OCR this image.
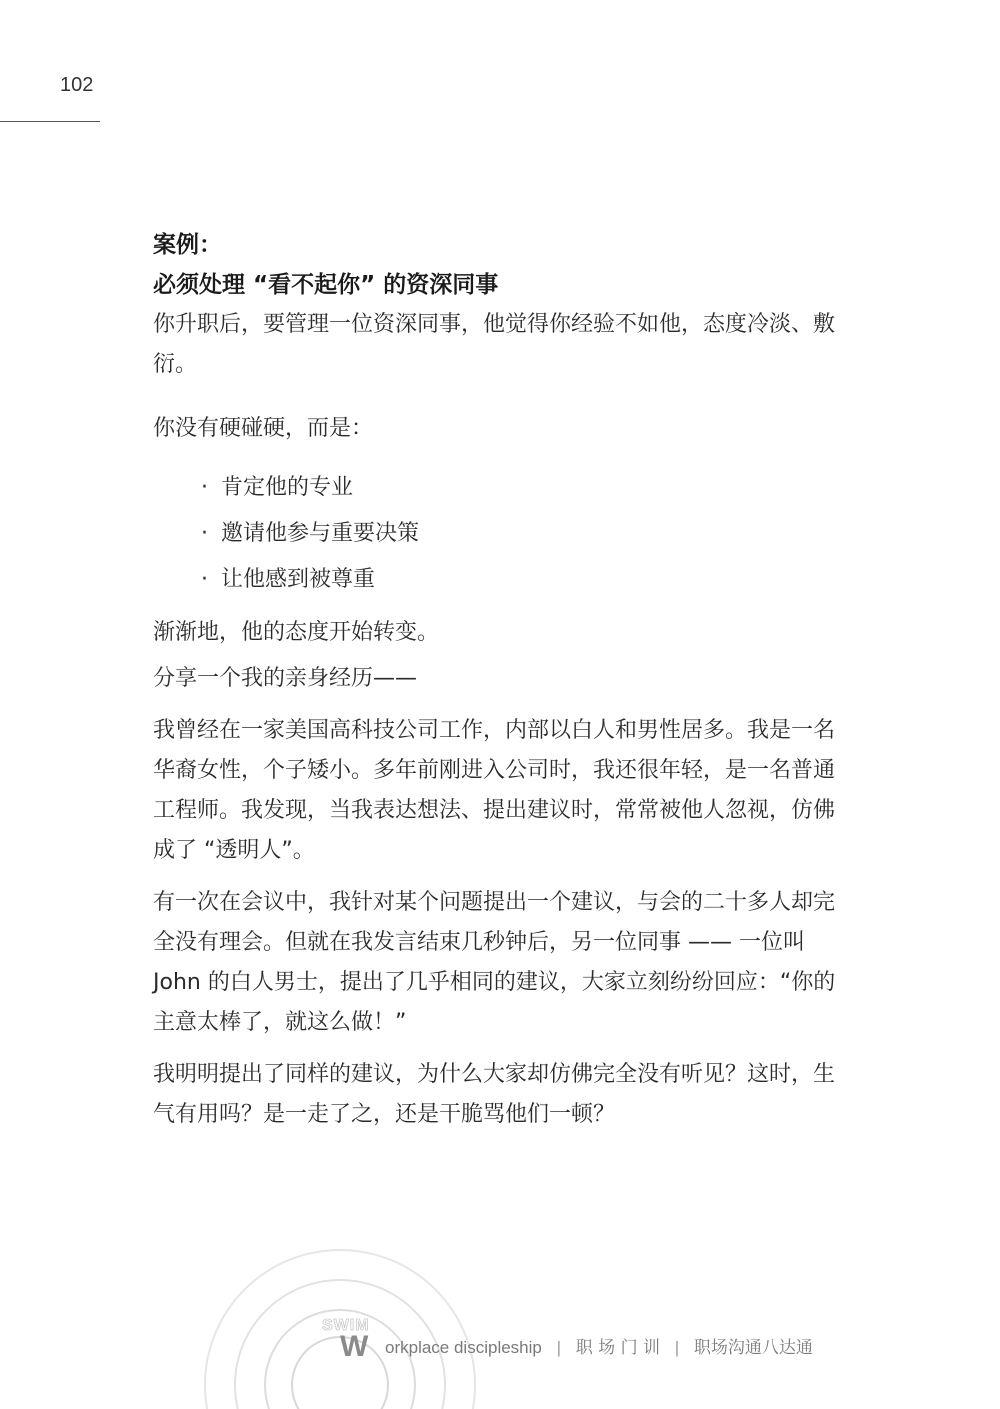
102
案例：
必须处理 “看不起你” 的资深同事

你升职后，要管理一位资深同事，他觉得你经验不如他，态度冷淡、敷衍。

你没有硬碰硬，而是：

· 肯定他的专业
· 邀请他参与重要决策
· 让他感到被尊重

渐渐地，他的态度开始转变。

分享一个我的亲身经历——

我曾经在一家美国高科技公司工作，内部以白人和男性居多。我是一名华裔女性，个子矮小。多年前刚进入公司时，我还很年轻，是一名普通工程师。我发现，当我表达想法、提出建议时，常常被他人忽视，仿佛成了 “透明人”。

有一次在会议中，我针对某个问题提出一个建议，与会的二十多人却完全没有理会。但就在我发言结束几秒钟后，另一位同事 —— 一位叫 John 的白人男士，提出了几乎相同的建议，大家立刻纷纷回应：“你的主意太棒了，就这么做！”

我明明提出了同样的建议，为什么大家却仿佛完全没有听见？这时，生气有用吗？是一走了之，还是干脆骂他们一顿？

SWIM
W orkplace discipleship | 职 场 门 训 | 职场沟通八达通
